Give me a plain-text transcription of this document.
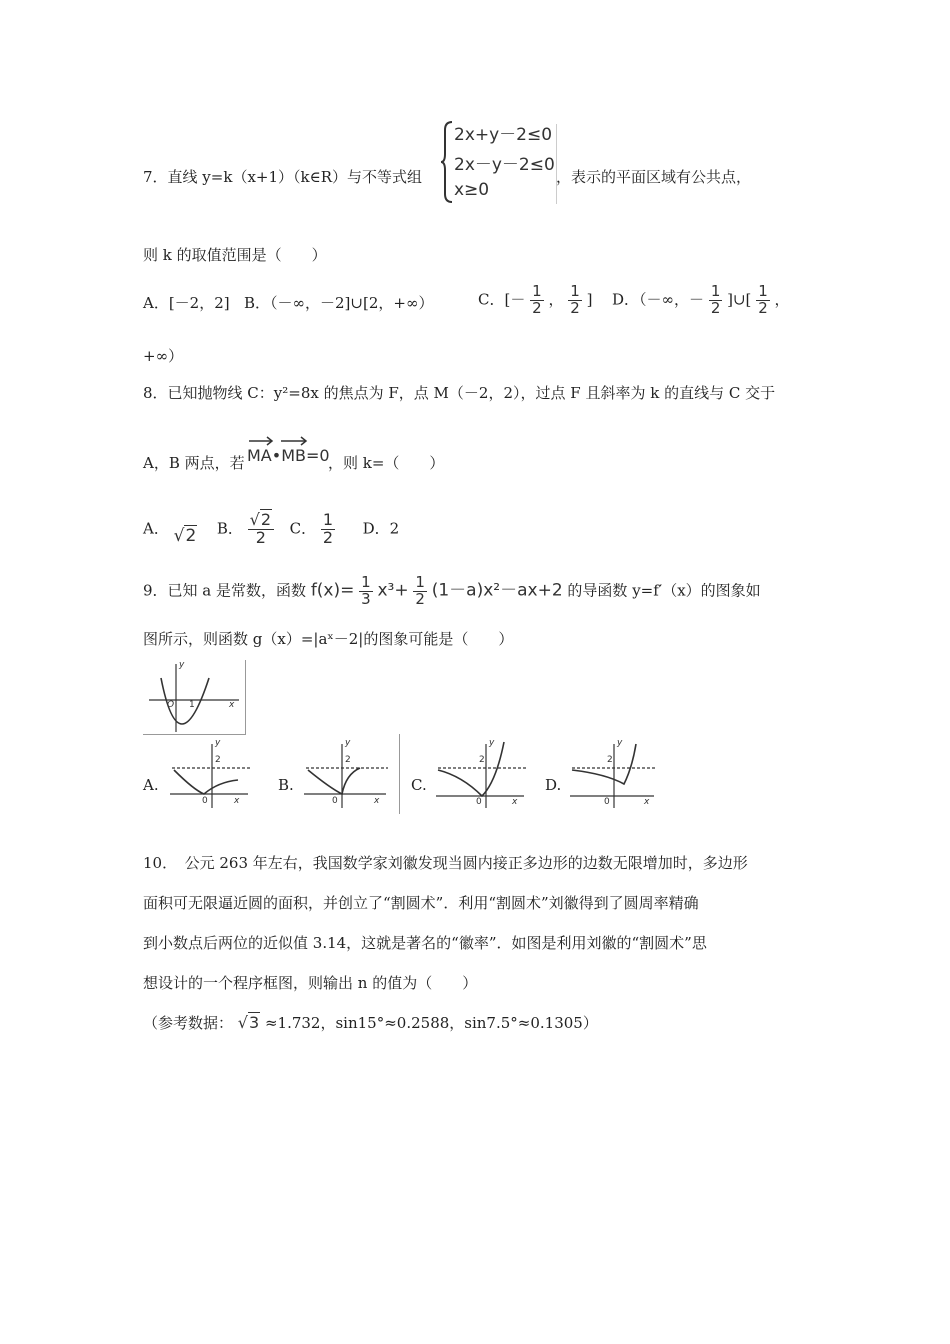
7．直线 y=k（x+1）（k∈R）与不等式组
2x+y－2≤0
2x－y－2≤0
x≥0
，表示的平面区域有公共点，
则 k 的取值范围是（　　）
A．[－2，2] B．（－∞，－2]∪[2，+∞）	C．[－ $\frac{1}{2}$ ， $\frac{1}{2}$ ] D．（－∞，－ $\frac{1}{2}$ ]∪[ $\frac{1}{2}$ ，
+∞）
8．已知抛物线 C：y²=8x 的焦点为 F，点 M（－2，2），过点 F 且斜率为 k 的直线与 C 交于
A，B 两点，若 MA•MB=0
，则 k=（　　）
A． √2 B． $\frac{√2}{2}$ C． $\frac{1}{2}$ D．2
9．已知 a 是常数，函数 $f(x)= \frac{1}{3} x^3+ \frac{1}{2} (1-a)x^2-ax+2$ 的导函数 y=f′（x）的图象如
图所示，则函数 g（x）=|aˣ－2|的图象可能是（　　）
y
O 1	x
A.
y
2
0	x
B.
y
2
0	x
C.
y
2
0	x
D.
y
2
0	x
10．　公元 263 年左右，我国数学家刘徽发现当圆内接正多边形的边数无限增加时，多边形
面积可无限逼近圆的面积，并创立了“割圆术”．利用“割圆术”刘徽得到了圆周率精确
到小数点后两位的近似值 3.14，这就是著名的“徽率”．如图是利用刘徽的“割圆术”思
想设计的一个程序框图，则输出 n 的值为（　　）
（参考数据： √3 ≈1.732，sin15°≈0.2588，sin7.5°≈0.1305）
